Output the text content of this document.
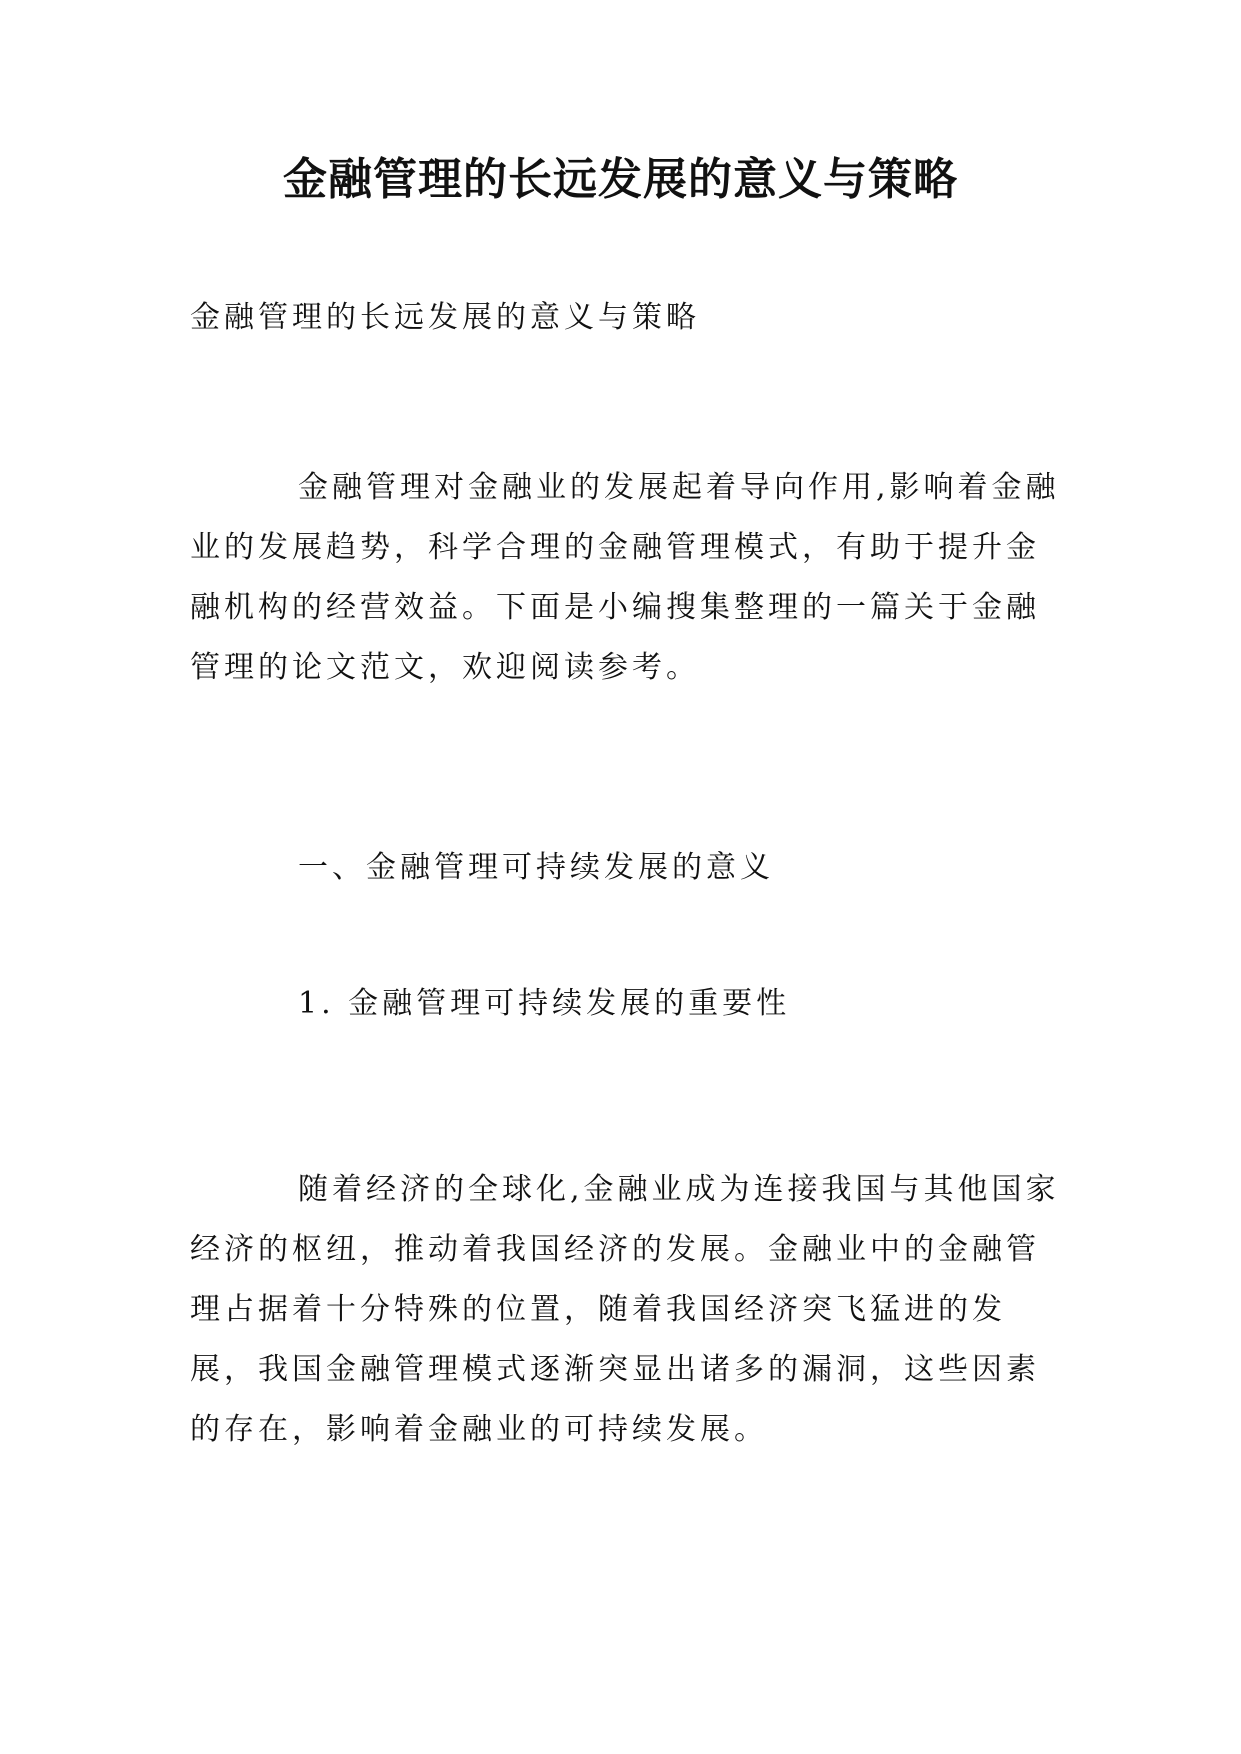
金融管理的长远发展的意义与策略

金融管理的长远发展的意义与策略

金融管理对金融业的发展起着导向作用,影响着金融业的发展趋势，科学合理的金融管理模式，有助于提升金融机构的经营效益。下面是小编搜集整理的一篇关于金融管理的论文范文，欢迎阅读参考。

一、金融管理可持续发展的意义

1. 金融管理可持续发展的重要性

随着经济的全球化,金融业成为连接我国与其他国家经济的枢纽，推动着我国经济的发展。金融业中的金融管理占据着十分特殊的位置，随着我国经济突飞猛进的发展，我国金融管理模式逐渐突显出诸多的漏洞，这些因素的存在，影响着金融业的可持续发展。
